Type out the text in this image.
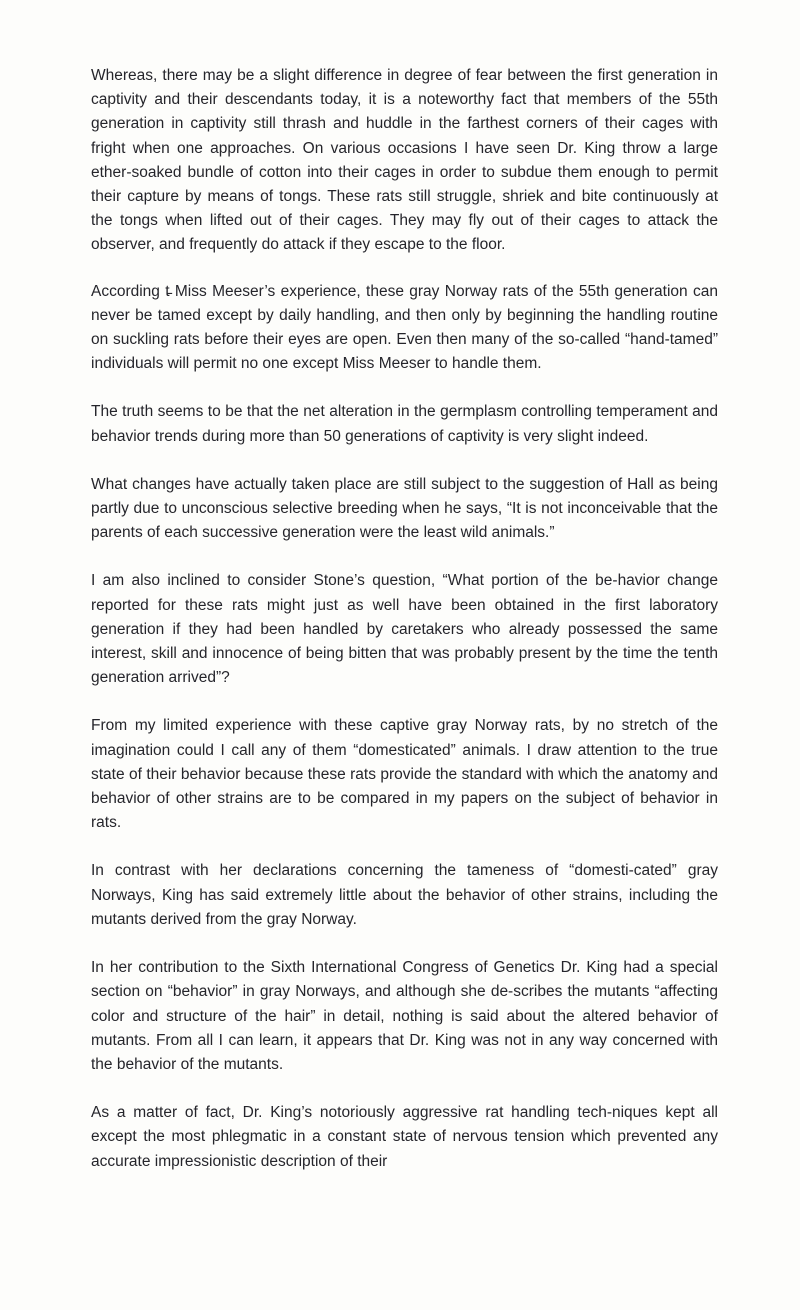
Whereas, there may be a slight difference in degree of fear between the first generation in captivity and their descendants today, it is a noteworthy fact that members of the 55th generation in captivity still thrash and huddle in the farthest corners of their cages with fright when one approaches. On various occasions I have seen Dr. King throw a large ether-soaked bundle of cotton into their cages in order to subdue them enough to permit their capture by means of tongs. These rats still struggle, shriek and bite continuously at the tongs when lifted out of their cages. They may fly out of their cages to attack the observer, and frequently do attack if they escape to the floor.

According t̵ Miss Meeser’s experience, these gray Norway rats of the 55th generation can never be tamed except by daily handling, and then only by beginning the handling routine on suckling rats before their eyes are open. Even then many of the so-called “hand-tamed” individuals will permit no one except Miss Meeser to handle them.

The truth seems to be that the net alteration in the germplasm controlling temperament and behavior trends during more than 50 generations of captivity is very slight indeed.

What changes have actually taken place are still subject to the suggestion of Hall as being partly due to unconscious selective breeding when he says, “It is not inconceivable that the parents of each successive generation were the least wild animals.”

I am also inclined to consider Stone’s question, “What portion of the be-havior change reported for these rats might just as well have been obtained in the first laboratory generation if they had been handled by caretakers who already possessed the same interest, skill and innocence of being bitten that was probably present by the time the tenth generation arrived”?

From my limited experience with these captive gray Norway rats, by no stretch of the imagination could I call any of them “domesticated” animals. I draw attention to the true state of their behavior because these rats provide the standard with which the anatomy and behavior of other strains are to be compared in my papers on the subject of behavior in rats.

In contrast with her declarations concerning the tameness of “domesti-cated” gray Norways, King has said extremely little about the behavior of other strains, including the mutants derived from the gray Norway.

In her contribution to the Sixth International Congress of Genetics Dr. King had a special section on “behavior” in gray Norways, and although she de-scribes the mutants “affecting color and structure of the hair” in detail, nothing is said about the altered behavior of mutants. From all I can learn, it appears that Dr. King was not in any way concerned with the behavior of the mutants.

As a matter of fact, Dr. King’s notoriously aggressive rat handling tech-niques kept all except the most phlegmatic in a constant state of nervous tension which prevented any accurate impressionistic description of their
